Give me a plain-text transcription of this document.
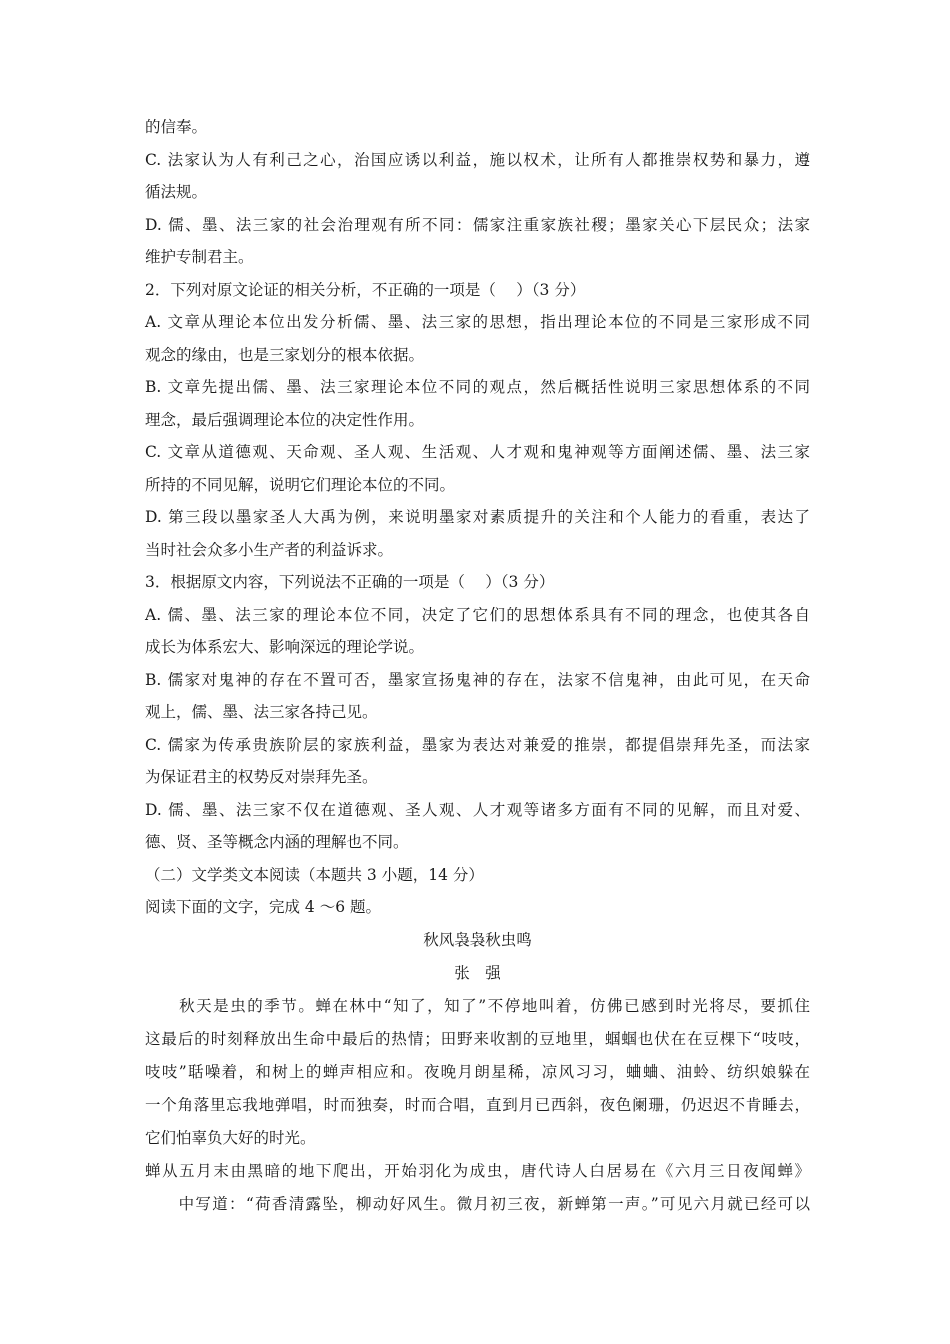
的信奉。
C. 法家认为人有利己之心，治国应诱以利益，施以权术，让所有人都推崇权势和暴力，遵
循法规。
D. 儒、墨、法三家的社会治理观有所不同：儒家注重家族社稷；墨家关心下层民众；法家
维护专制君主。
2．下列对原文论证的相关分析，不正确的一项是（　 ）（3 分）
A. 文章从理论本位出发分析儒、墨、法三家的思想，指出理论本位的不同是三家形成不同
观念的缘由，也是三家划分的根本依据。
B. 文章先提出儒、墨、法三家理论本位不同的观点，然后概括性说明三家思想体系的不同
理念，最后强调理论本位的决定性作用。
C. 文章从道德观、天命观、圣人观、生活观、人才观和鬼神观等方面阐述儒、墨、法三家
所持的不同见解，说明它们理论本位的不同。
D. 第三段以墨家圣人大禹为例，来说明墨家对素质提升的关注和个人能力的看重，表达了
当时社会众多小生产者的利益诉求。
3．根据原文内容，下列说法不正确的一项是（　 ）（3 分）
A. 儒、墨、法三家的理论本位不同，决定了它们的思想体系具有不同的理念，也使其各自
成长为体系宏大、影响深远的理论学说。
B. 儒家对鬼神的存在不置可否，墨家宣扬鬼神的存在，法家不信鬼神，由此可见，在天命
观上，儒、墨、法三家各持己见。
C. 儒家为传承贵族阶层的家族利益，墨家为表达对兼爱的推崇，都提倡崇拜先圣，而法家
为保证君主的权势反对崇拜先圣。
D. 儒、墨、法三家不仅在道德观、圣人观、人才观等诸多方面有不同的见解，而且对爱、
德、贤、圣等概念内涵的理解也不同。
（二）文学类文本阅读（本题共 3 小题，14 分）
阅读下面的文字，完成 4 ～6 题。
秋风袅袅秋虫鸣
张　强
　　秋天是虫的季节。蝉在林中“知了，知了”不停地叫着，仿佛已感到时光将尽，要抓住
这最后的时刻释放出生命中最后的热情；田野来收割的豆地里，蝈蝈也伏在在豆棵下“吱吱，
吱吱”聒噪着，和树上的蝉声相应和。夜晚月朗星稀，凉风习习，蛐蛐、油蛉、纺织娘躲在
一个角落里忘我地弹唱，时而独奏，时而合唱，直到月已西斜，夜色阑珊，仍迟迟不肯睡去，
它们怕辜负大好的时光。
蝉从五月末由黑暗的地下爬出，开始羽化为成虫，唐代诗人白居易在《六月三日夜闻蝉》
　　中写道：“荷香清露坠，柳动好风生。微月初三夜，新蝉第一声。”可见六月就已经可以
